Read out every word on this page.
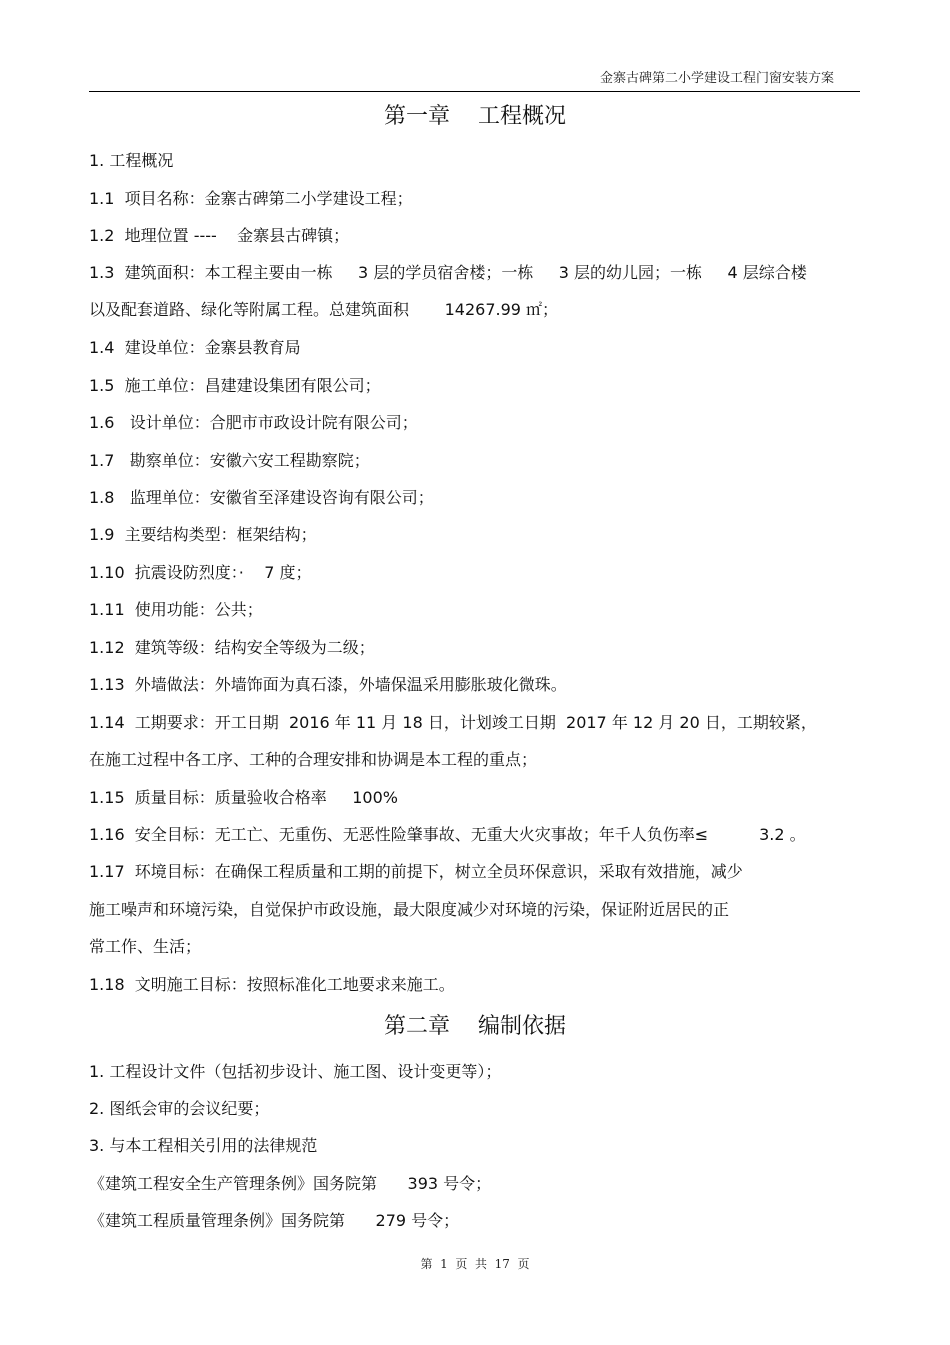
金寨古碑第二小学建设工程门窗安装方案
第一章    工程概况
1. 工程概况
1.1  项目名称：金寨古碑第二小学建设工程；
1.2  地理位置 ----    金寨县古碑镇；
1.3  建筑面积：本工程主要由一栋     3 层的学员宿舍楼；一栋     3 层的幼儿园；一栋     4 层综合楼
以及配套道路、绿化等附属工程。总建筑面积       14267.99 ㎡；
1.4  建设单位：金寨县教育局
1.5  施工单位：昌建建设集团有限公司；
1.6   设计单位：合肥市市政设计院有限公司；
1.7   勘察单位：安徽六安工程勘察院；
1.8   监理单位：安徽省至泽建设咨询有限公司；
1.9  主要结构类型：框架结构；
1.10  抗震设防烈度：·    7 度；
1.11  使用功能：公共；
1.12  建筑等级：结构安全等级为二级；
1.13  外墙做法：外墙饰面为真石漆，外墙保温采用膨胀玻化微珠。
1.14  工期要求：开工日期  2016 年 11 月 18 日，计划竣工日期  2017 年 12 月 20 日，工期较紧，
在施工过程中各工序、工种的合理安排和协调是本工程的重点；
1.15  质量目标：质量验收合格率     100%
1.16  安全目标：无工亡、无重伤、无恶性险肇事故、无重大火灾事故；年千人负伤率≤          3.2 。
1.17  环境目标：在确保工程质量和工期的前提下，树立全员环保意识，采取有效措施，减少
施工噪声和环境污染，自觉保护市政设施，最大限度减少对环境的污染，保证附近居民的正
常工作、生活；
1.18  文明施工目标：按照标准化工地要求来施工。
第二章    编制依据
1. 工程设计文件（包括初步设计、施工图、设计变更等）；
2. 图纸会审的会议纪要；
3. 与本工程相关引用的法律规范
《建筑工程安全生产管理条例》国务院第      393 号令；
《建筑工程质量管理条例》国务院第      279 号令；
第  1  页  共  17  页
